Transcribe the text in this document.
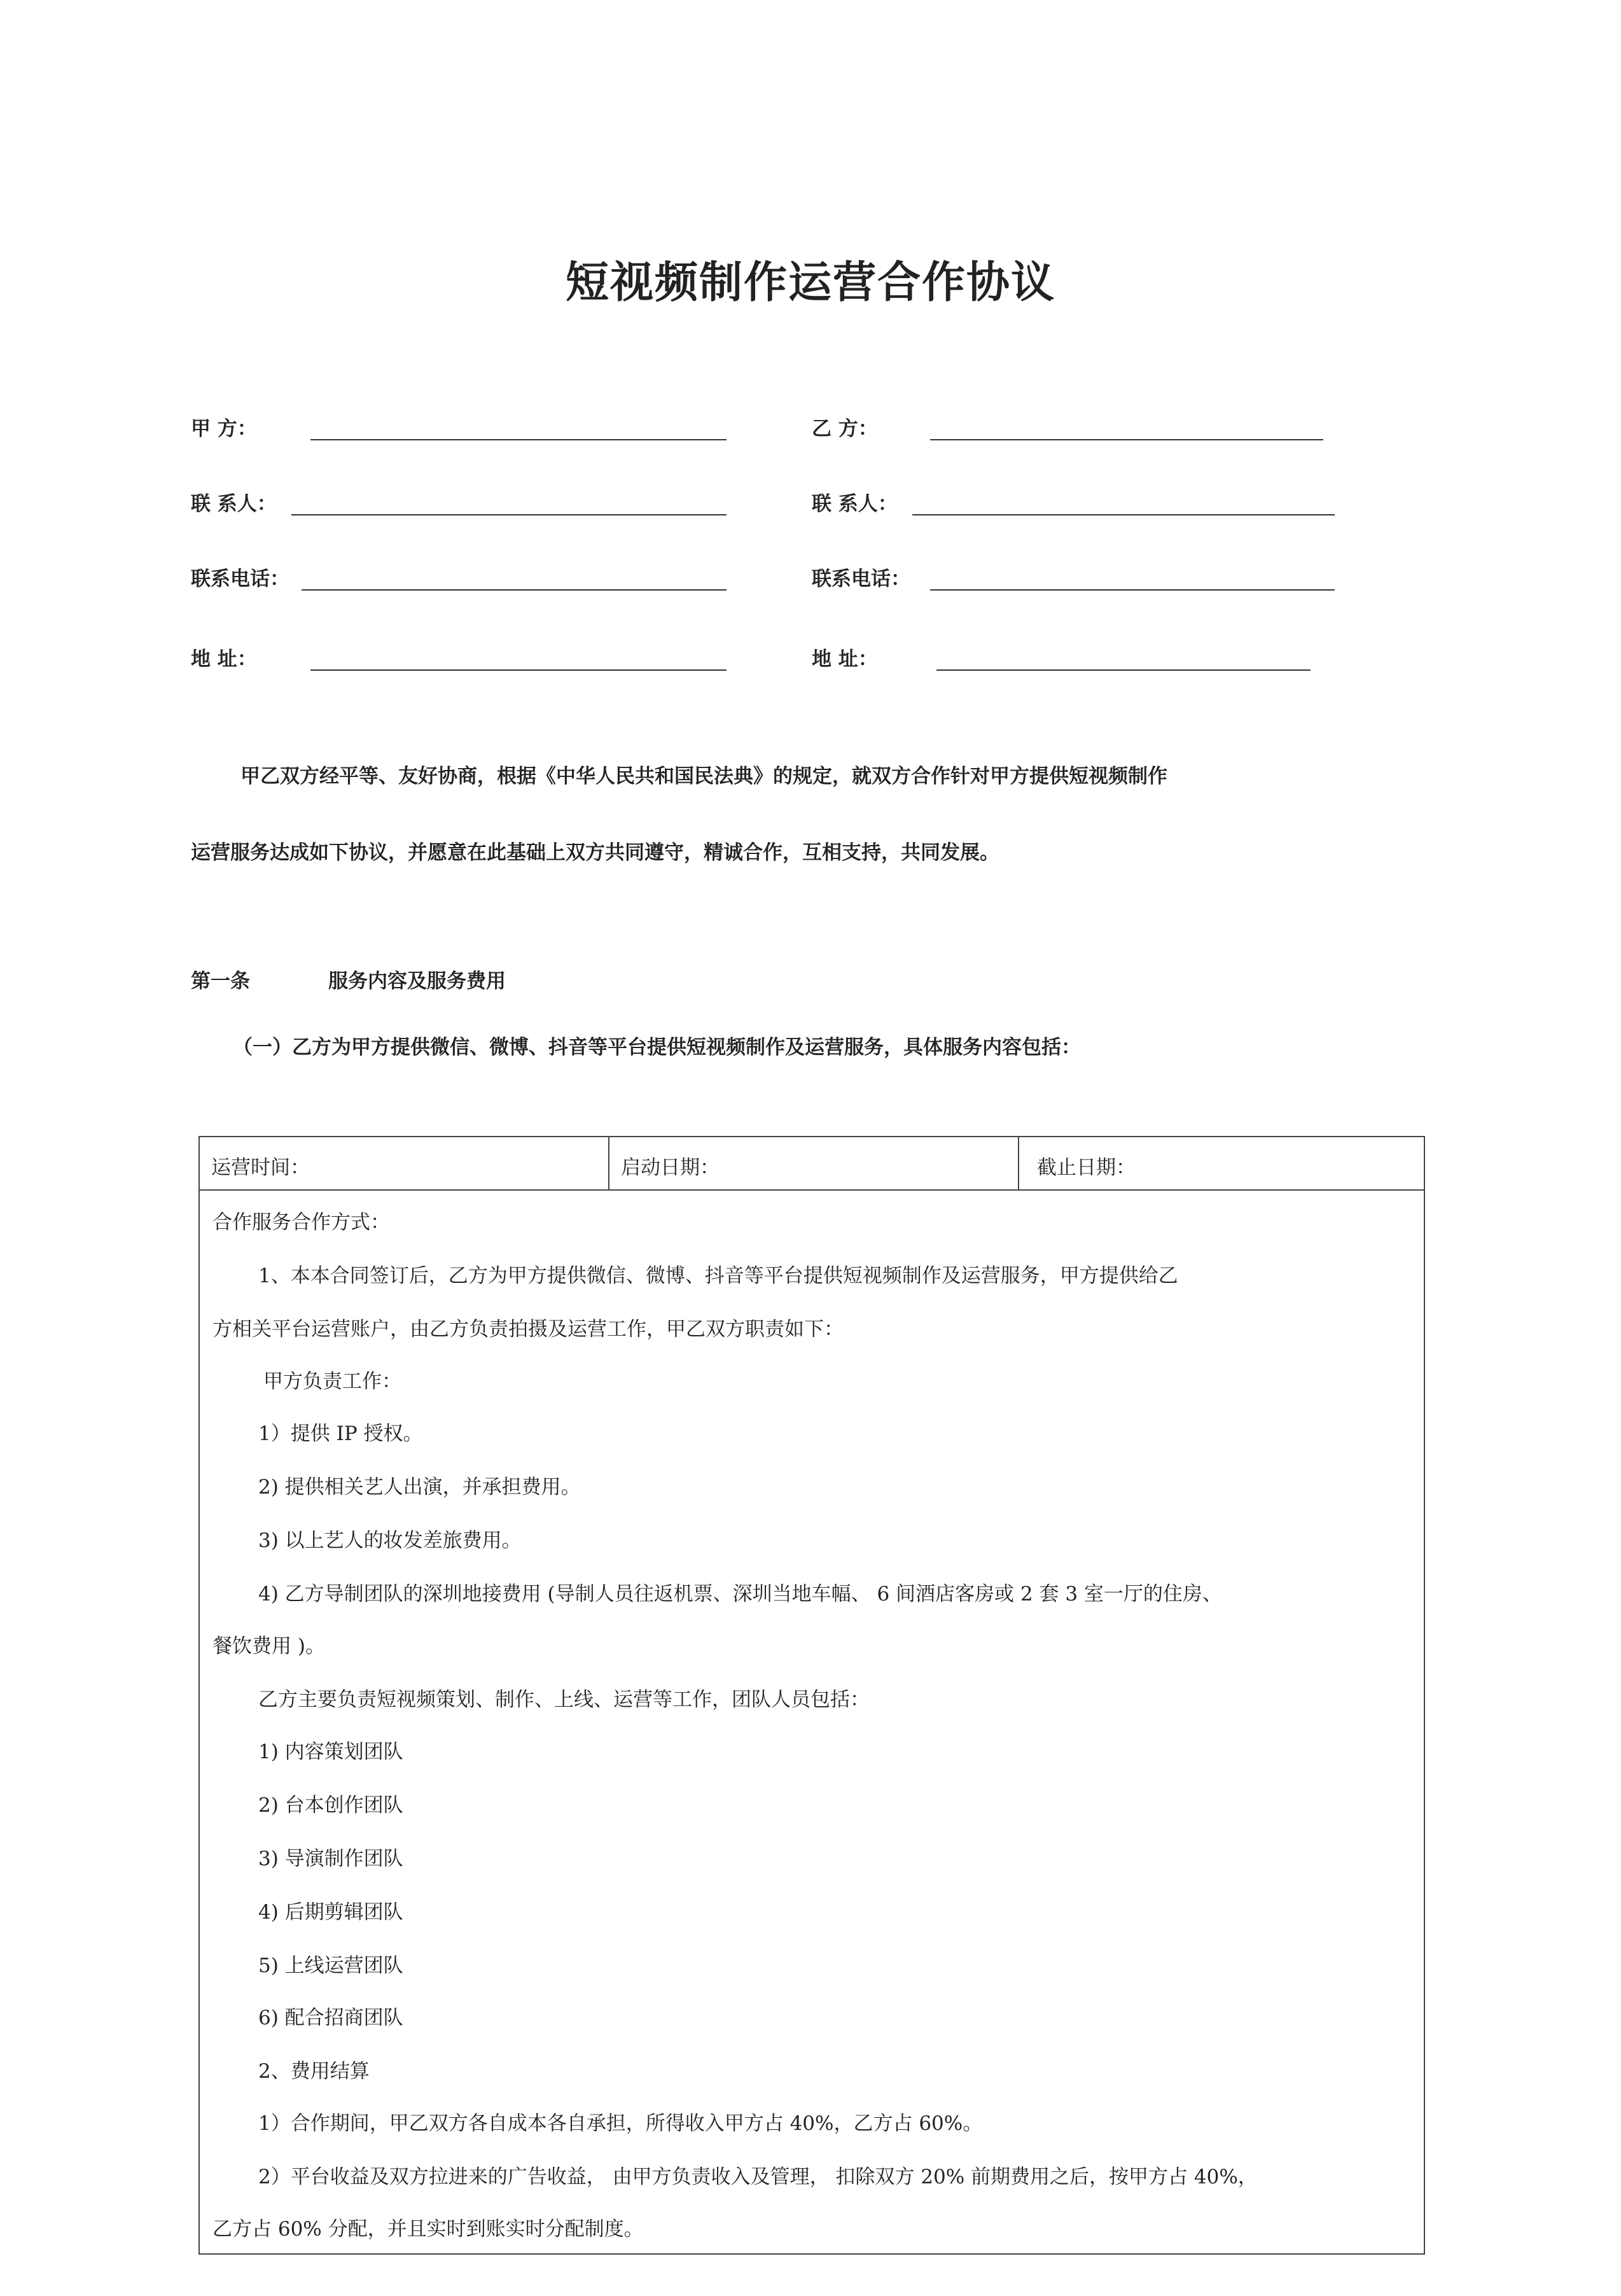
短视频制作运营合作协议
甲 方：
联 系人：
联系电话：
地 址：
乙 方：
联 系人：
联系电话：
地 址：
甲乙双方经平等、友好协商，根据《中华人民共和国民法典》的规定，就双方合作针对甲方提供短视频制作
运营服务达成如下协议，并愿意在此基础上双方共同遵守，精诚合作，互相支持，共同发展。
第一条	服务内容及服务费用
（一）乙方为甲方提供微信、微博、抖音等平台提供短视频制作及运营服务，具体服务内容包括：
运营时间：	启动日期：	截止日期：
合作服务合作方式：
1、本本合同签订后，乙方为甲方提供微信、微博、抖音等平台提供短视频制作及运营服务，甲方提供给乙
方相关平台运营账户，由乙方负责拍摄及运营工作，甲乙双方职责如下：
甲方负责工作：
1）提供 IP 授权。
2) 提供相关艺人出演，并承担费用。
3) 以上艺人的妆发差旅费用。
4) 乙方导制团队的深圳地接费用 (导制人员往返机票、深圳当地车幅、 6 间酒店客房或 2 套 3 室一厅的住房、
餐饮费用 )。
乙方主要负责短视频策划、制作、上线、运营等工作，团队人员包括：
1) 内容策划团队
2) 台本创作团队
3) 导演制作团队
4) 后期剪辑团队
5) 上线运营团队
6) 配合招商团队
2、费用结算
1）合作期间，甲乙双方各自成本各自承担，所得收入甲方占 40%，乙方占 60%。
2）平台收益及双方拉进来的广告收益， 由甲方负责收入及管理， 扣除双方 20% 前期费用之后，按甲方占 40%，
乙方占 60% 分配，并且实时到账实时分配制度。
